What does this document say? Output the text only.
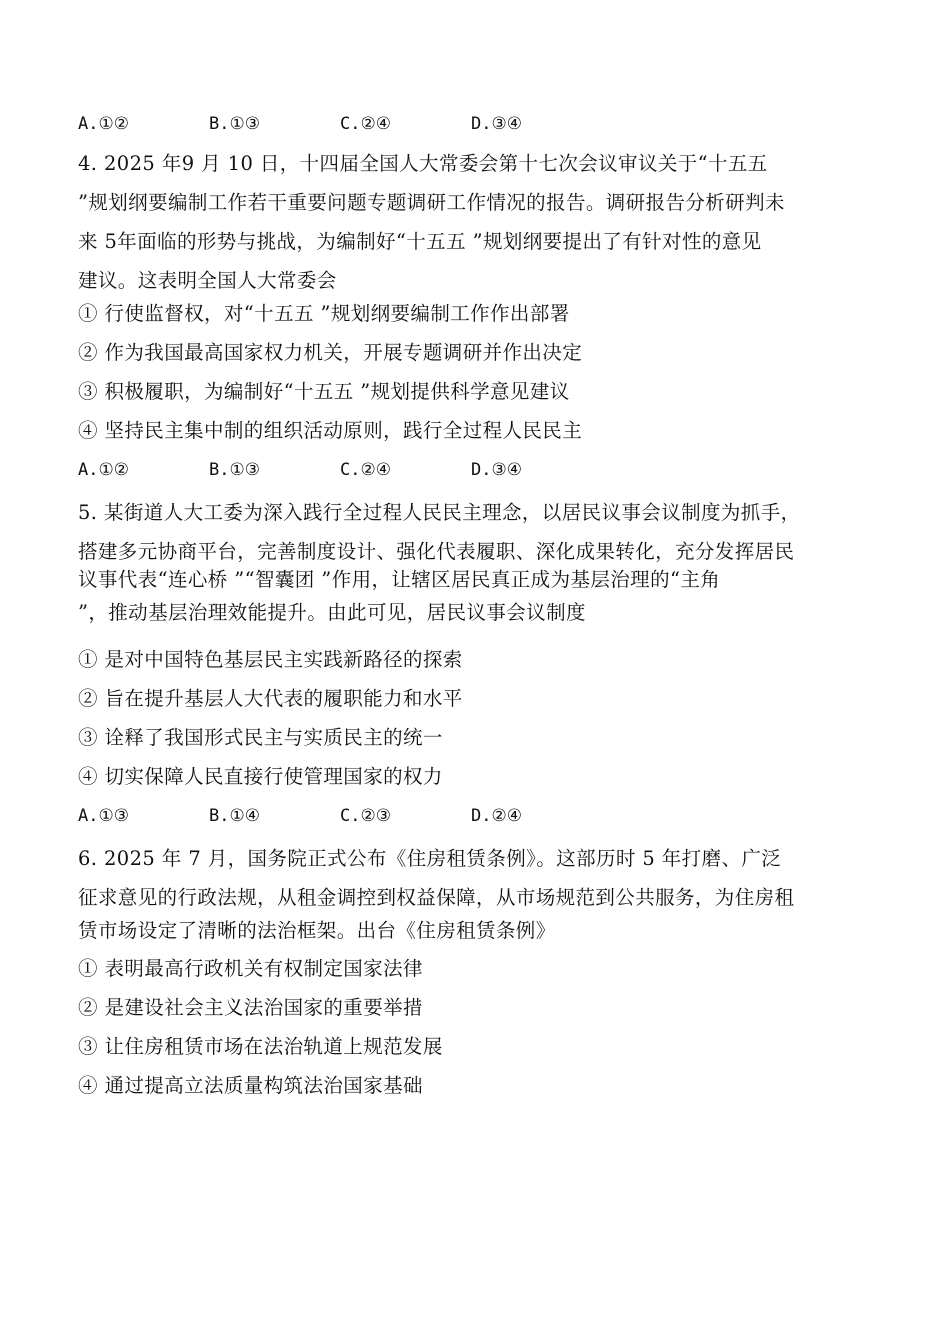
A.①②	B.①③	C.②④	D.③④
4. 2025 年9 月 10 日，十四届全国人大常委会第十七次会议审议关于“十五五
”规划纲要编制工作若干重要问题专题调研工作情况的报告。调研报告分析研判未
来 5年面临的形势与挑战，为编制好“十五五 ”规划纲要提出了有针对性的意见
建议。这表明全国人大常委会
① 行使监督权，对“十五五 ”规划纲要编制工作作出部署
② 作为我国最高国家权力机关，开展专题调研并作出决定
③ 积极履职，为编制好“十五五 ”规划提供科学意见建议
④ 坚持民主集中制的组织活动原则，践行全过程人民民主
A.①②	B.①③	C.②④	D.③④
5. 某街道人大工委为深入践行全过程人民民主理念，以居民议事会议制度为抓手，
搭建多元协商平台，完善制度设计、强化代表履职、深化成果转化，充分发挥居民
议事代表“连心桥 ”“智囊团 ”作用，让辖区居民真正成为基层治理的“主角
”，推动基层治理效能提升。由此可见，居民议事会议制度
① 是对中国特色基层民主实践新路径的探索
② 旨在提升基层人大代表的履职能力和水平
③ 诠释了我国形式民主与实质民主的统一
④ 切实保障人民直接行使管理国家的权力
A.①③	B.①④	C.②③	D.②④
6. 2025 年 7 月，国务院正式公布《住房租赁条例》。这部历时 5 年打磨、广泛
征求意见的行政法规，从租金调控到权益保障，从市场规范到公共服务，为住房租
赁市场设定了清晰的法治框架。出台《住房租赁条例》
① 表明最高行政机关有权制定国家法律
② 是建设社会主义法治国家的重要举措
③ 让住房租赁市场在法治轨道上规范发展
④ 通过提高立法质量构筑法治国家基础
